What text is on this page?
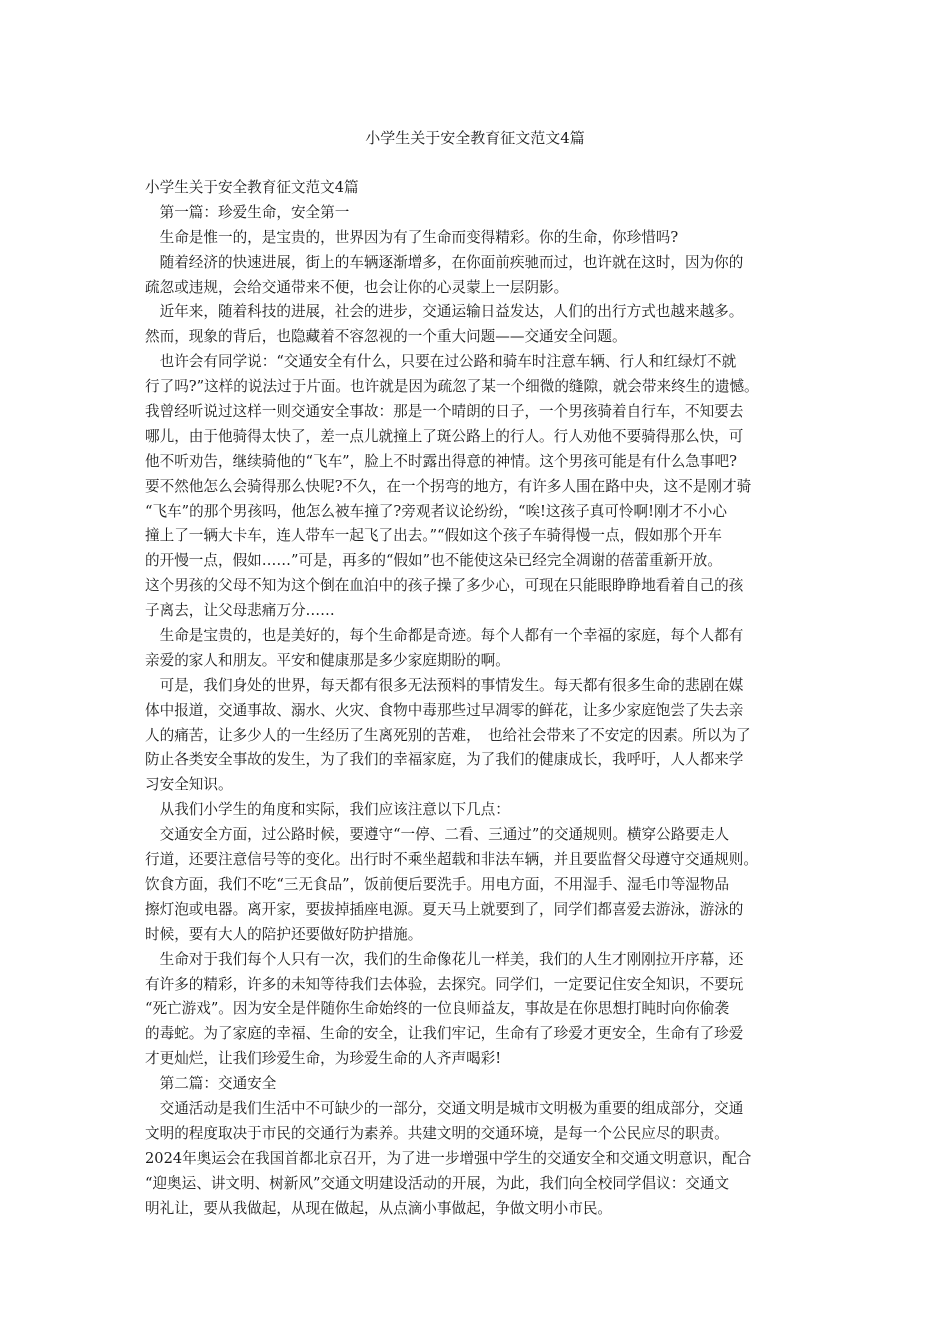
小学生关于安全教育征文范文4篇
小学生关于安全教育征文范文4篇
　第一篇：珍爱生命，安全第一
　生命是惟一的，是宝贵的，世界因为有了生命而变得精彩。你的生命，你珍惜吗?
　随着经济的快速进展，街上的车辆逐渐增多，在你面前疾驰而过，也许就在这时，因为你的
疏忽或违规，会给交通带来不便，也会让你的心灵蒙上一层阴影。
　近年来，随着科技的进展，社会的进步，交通运输日益发达，人们的出行方式也越来越多。
然而，现象的背后，也隐藏着不容忽视的一个重大问题——交通安全问题。
　也许会有同学说：“交通安全有什么，只要在过公路和骑车时注意车辆、行人和红绿灯不就
行了吗?”这样的说法过于片面。也许就是因为疏忽了某一个细微的缝隙，就会带来终生的遗憾。
我曾经听说过这样一则交通安全事故：那是一个晴朗的日子，一个男孩骑着自行车，不知要去
哪儿，由于他骑得太快了，差一点儿就撞上了斑公路上的行人。行人劝他不要骑得那么快，可
他不听劝告，继续骑他的“飞车”，脸上不时露出得意的神情。这个男孩可能是有什么急事吧?
要不然他怎么会骑得那么快呢?不久，在一个拐弯的地方，有许多人围在路中央，这不是刚才骑
“飞车”的那个男孩吗，他怎么被车撞了?旁观者议论纷纷，“唉!这孩子真可怜啊!刚才不小心
撞上了一辆大卡车，连人带车一起飞了出去。”“假如这个孩子车骑得慢一点，假如那个开车
的开慢一点，假如……”可是，再多的“假如”也不能使这朵已经完全凋谢的蓓蕾重新开放。
这个男孩的父母不知为这个倒在血泊中的孩子操了多少心，可现在只能眼睁睁地看着自己的孩
子离去，让父母悲痛万分……
　生命是宝贵的，也是美好的，每个生命都是奇迹。每个人都有一个幸福的家庭，每个人都有
亲爱的家人和朋友。平安和健康那是多少家庭期盼的啊。
　可是，我们身处的世界，每天都有很多无法预料的事情发生。每天都有很多生命的悲剧在媒
体中报道，交通事故、溺水、火灾、食物中毒那些过早凋零的鲜花，让多少家庭饱尝了失去亲
人的痛苦，让多少人的一生经历了生离死别的苦难，　也给社会带来了不安定的因素。所以为了
防止各类安全事故的发生，为了我们的幸福家庭，为了我们的健康成长，我呼吁，人人都来学
习安全知识。
　从我们小学生的角度和实际，我们应该注意以下几点：
　交通安全方面，过公路时候，要遵守“一停、二看、三通过”的交通规则。横穿公路要走人
行道，还要注意信号等的变化。出行时不乘坐超载和非法车辆，并且要监督父母遵守交通规则。
饮食方面，我们不吃“三无食品”，饭前便后要洗手。用电方面，不用湿手、湿毛巾等湿物品
擦灯泡或电器。离开家，要拔掉插座电源。夏天马上就要到了，同学们都喜爱去游泳，游泳的
时候，要有大人的陪护还要做好防护措施。
　生命对于我们每个人只有一次，我们的生命像花儿一样美，我们的人生才刚刚拉开序幕，还
有许多的精彩，许多的未知等待我们去体验，去探究。同学们，一定要记住安全知识，不要玩
“死亡游戏”。因为安全是伴随你生命始终的一位良师益友，事故是在你思想打盹时向你偷袭
的毒蛇。为了家庭的幸福、生命的安全，让我们牢记，生命有了珍爱才更安全，生命有了珍爱
才更灿烂，让我们珍爱生命，为珍爱生命的人齐声喝彩!
　第二篇：交通安全
　交通活动是我们生活中不可缺少的一部分，交通文明是城市文明极为重要的组成部分，交通
文明的程度取决于市民的交通行为素养。共建文明的交通环境，是每一个公民应尽的职责。
2024年奥运会在我国首都北京召开，为了进一步增强中学生的交通安全和交通文明意识，配合
“迎奥运、讲文明、树新风”交通文明建设活动的开展，为此，我们向全校同学倡议：交通文
明礼让，要从我做起，从现在做起，从点滴小事做起，争做文明小市民。
